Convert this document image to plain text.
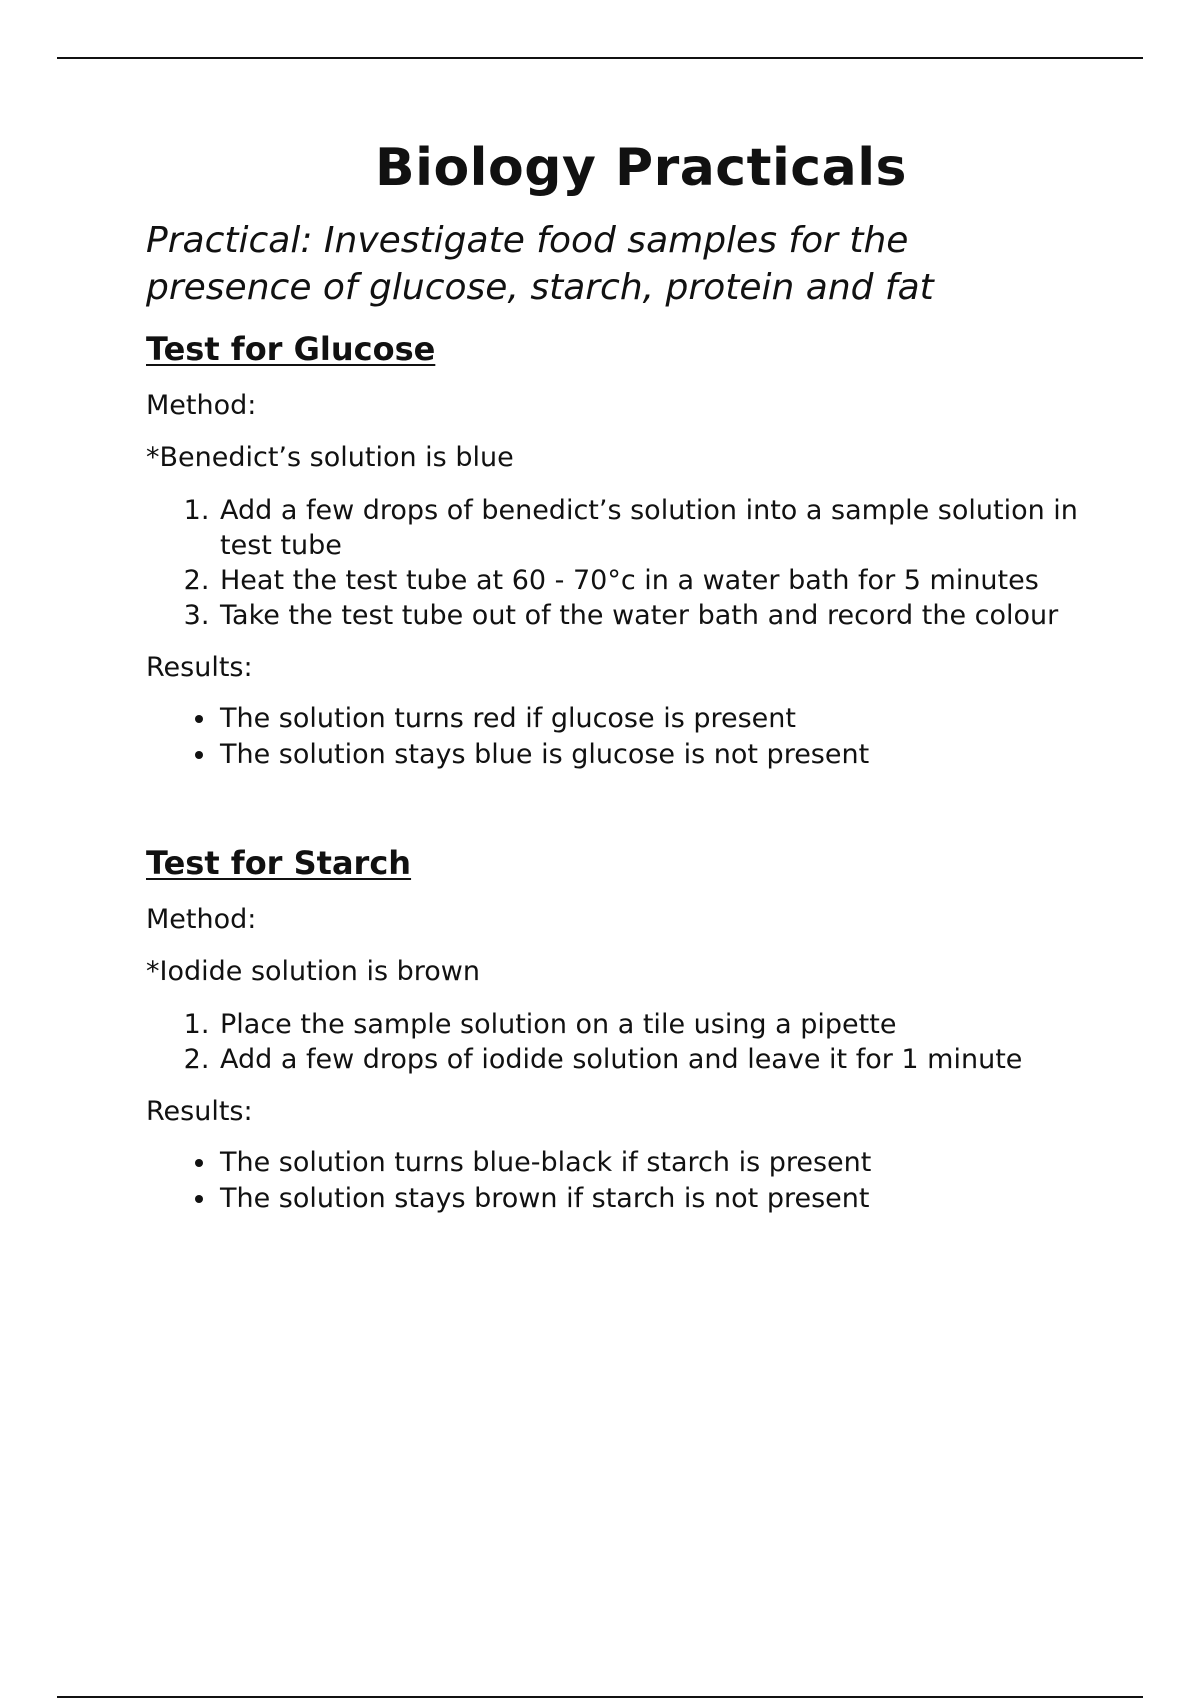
Biology Practicals
Practical: Investigate food samples for the presence of glucose, starch, protein and fat
Test for Glucose

Method:

*Benedict’s solution is blue

1. Add a few drops of benedict’s solution into a sample solution in test tube
2. Heat the test tube at 60 - 70°c in a water bath for 5 minutes
3. Take the test tube out of the water bath and record the colour

Results:

• The solution turns red if glucose is present
• The solution stays blue is glucose is not present
Test for Starch

Method:

*Iodide solution is brown

1. Place the sample solution on a tile using a pipette
2. Add a few drops of iodide solution and leave it for 1 minute

Results:

• The solution turns blue-black if starch is present
• The solution stays brown if starch is not present
